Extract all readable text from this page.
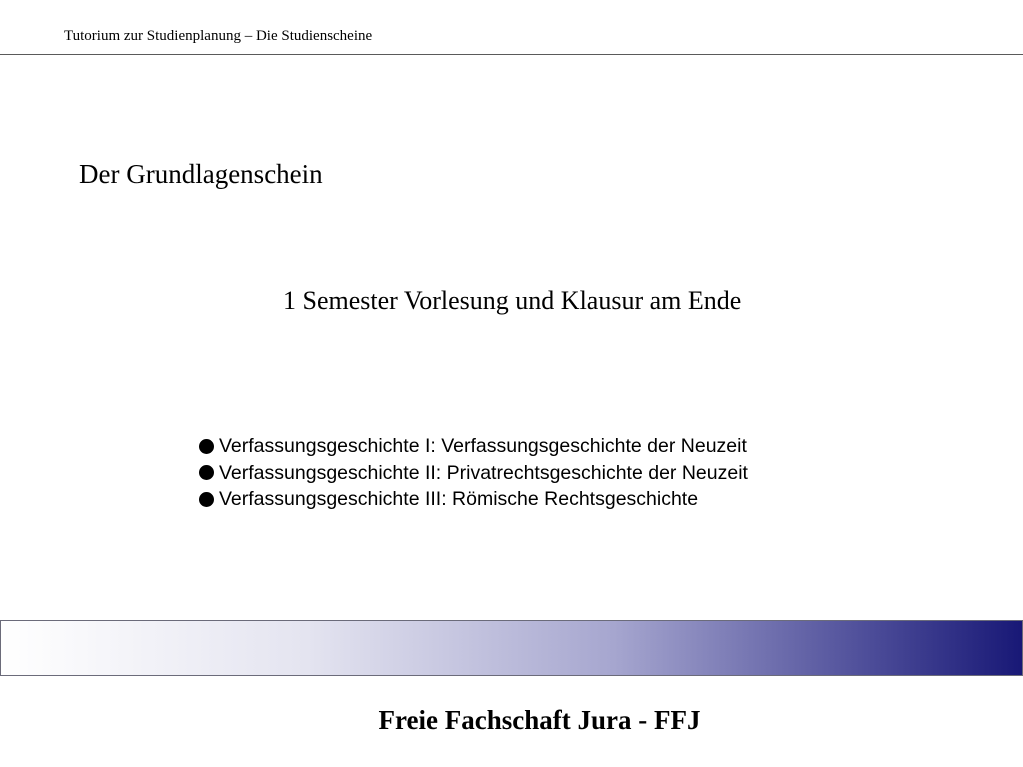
Tutorium zur Studienplanung – Die Studienscheine
Der Grundlagenschein
1 Semester Vorlesung und Klausur am Ende
Verfassungsgeschichte I: Verfassungsgeschichte der Neuzeit
Verfassungsgeschichte II: Privatrechtsgeschichte der Neuzeit
Verfassungsgeschichte III: Römische Rechtsgeschichte
Freie Fachschaft Jura - FFJ
